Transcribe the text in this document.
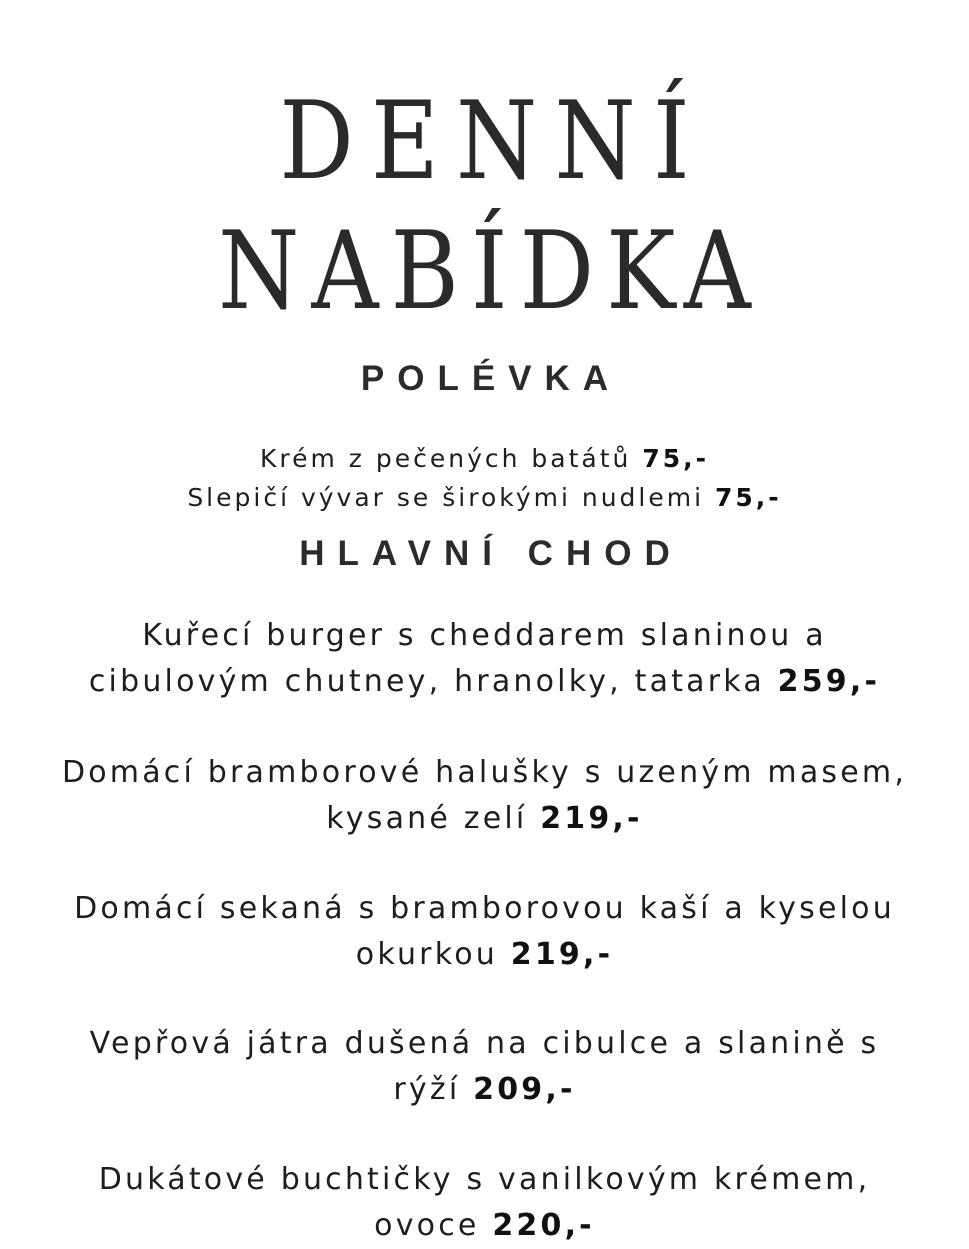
DENNÍ
NABÍDKA
POLÉVKA
Krém z pečených batátů 75,-
Slepičí vývar se širokými nudlemi 75,-
HLAVNÍ CHOD
Kuřecí burger s cheddarem slaninou a
cibulovým chutney, hranolky, tatarka 259,-
Domácí bramborové halušky s uzeným masem,
kysané zelí 219,-
Domácí sekaná s bramborovou kaší a kyselou
okurkou 219,-
Vepřová játra dušená na cibulce a slanině s
rýží 209,-
Dukátové buchtičky s vanilkovým krémem,
ovoce 220,-
